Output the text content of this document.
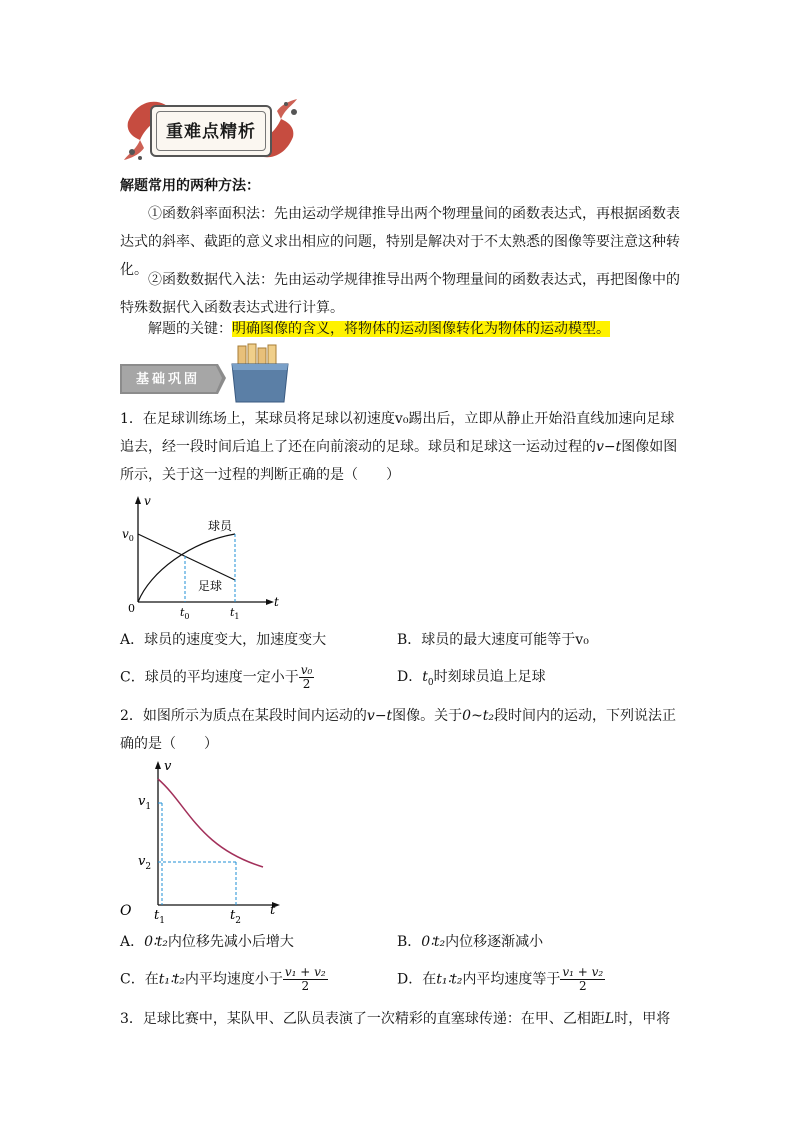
重难点精析
解题常用的两种方法：
①函数斜率面积法：先由运动学规律推导出两个物理量间的函数表达式，再根据函数表达式的斜率、截距的意义求出相应的问题，特别是解决对于不太熟悉的图像等要注意这种转化。
②函数数据代入法：先由运动学规律推导出两个物理量间的函数表达式，再把图像中的特殊数据代入函数表达式进行计算。
解题的关键：明确图像的含义，将物体的运动图像转化为物体的运动模型。
基础巩固
1．在足球训练场上，某球员将足球以初速度v₀踢出后，立即从静止开始沿直线加速向足球追去，经一段时间后追上了还在向前滚动的足球。球员和足球这一运动过程的v−t图像如图所示，关于这一过程的判断正确的是（　　）
v
t
0
$v_0$
$t_0$	$t_1$
球员
足球
A．球员的速度变大，加速度变大	B．球员的最大速度可能等于v₀
C．球员的平均速度一定小于 $\frac{\text{v₀}}{2}$	D．$t_0$时刻球员追上足球
2．如图所示为质点在某段时间内运动的v−t图像。关于0~t₂段时间内的运动，下列说法正确的是（　　）
v
t
O
$v_1$
$v_2$
$t_1$	$t_2$
A．0∶t₂内位移先减小后增大	B．0∶t₂内位移逐渐减小
C．在t₁∶t₂内平均速度小于 $\frac{\text{v₁ + v₂}}{2}$	D．在t₁∶t₂内平均速度等于 $\frac{\text{v₁ + v₂}}{2}$
3．足球比赛中，某队甲、乙队员表演了一次精彩的直塞球传递：在甲、乙相距L时，甲将
